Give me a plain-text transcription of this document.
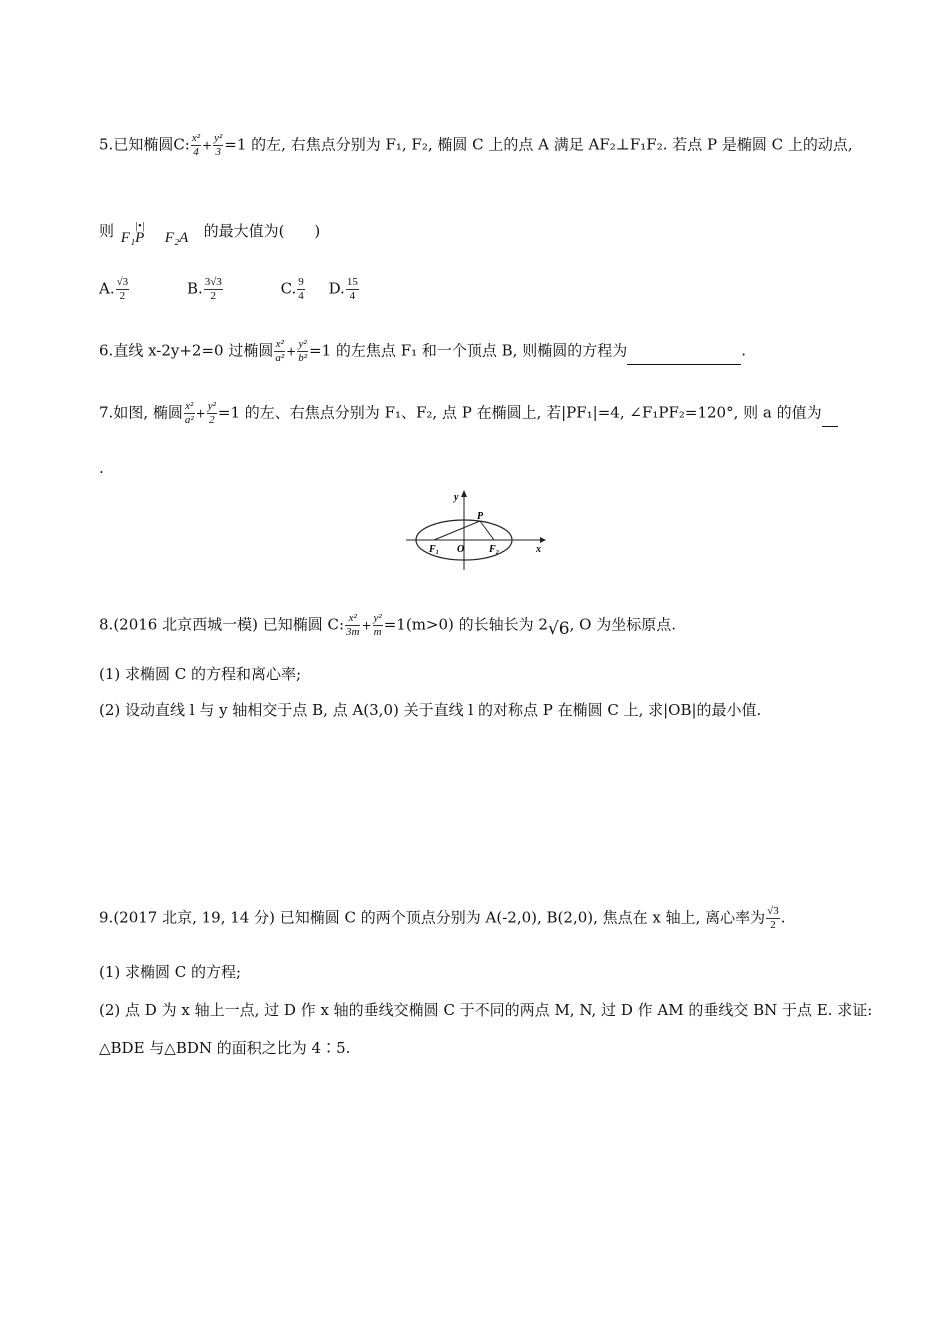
5.已知椭圆C: $\frac{\text{x²}}{4} + \frac{\text{y²}}{3} =1$ 的左, 右焦点分别为 F₁, F₂, 椭圆 C 上的点 A 满足 AF₂⊥F₁F₂. 若点 P 是椭圆 C 上的动点,
则 |•|
F₁P F₂A 的最大值为(　　)
A. $\frac{√3}{2}$	B. $\frac{3√3}{2}$	C. $\frac{9}{4} D$. $\frac{15}{4}$
6.直线 x-2y+2=0 过椭圆 $\frac{\text{x²}}{\text{a²}} + \frac{\text{y²}}{\text{b²}} =1$ 的左焦点 F₁ 和一个顶点 B, 则椭圆的方程为	.
7.如图, 椭圆 $\frac{\text{x²}}{\text{a²}} + \frac{\text{y²}}{2} =1$ 的左、右焦点分别为 F₁、F₂, 点 P 在椭圆上, 若|PF₁|=4, ∠F₁PF₂=120°, 则 a 的值为
.
y
x
P
O
F₁	F₂
8.(2016 北京西城一模) 已知椭圆 C: $\frac{\text{x²}}{3m} + \frac{\text{y²}}{m} =1(m>0)$ 的长轴长为 2√6, O 为坐标原点.
(1) 求椭圆 C 的方程和离心率;
(2) 设动直线 l 与 y 轴相交于点 B, 点 A(3,0) 关于直线 l 的对称点 P 在椭圆 C 上, 求|OB|的最小值.
9.(2017 北京, 19, 14 分) 已知椭圆 C 的两个顶点分别为 A(-2,0), B(2,0), 焦点在 x 轴上, 离心率为 $\frac{√3}{2}$ .
(1) 求椭圆 C 的方程;
(2) 点 D 为 x 轴上一点, 过 D 作 x 轴的垂线交椭圆 C 于不同的两点 M, N, 过 D 作 AM 的垂线交 BN 于点 E. 求证:
△BDE 与△BDN 的面积之比为 4∶5.
